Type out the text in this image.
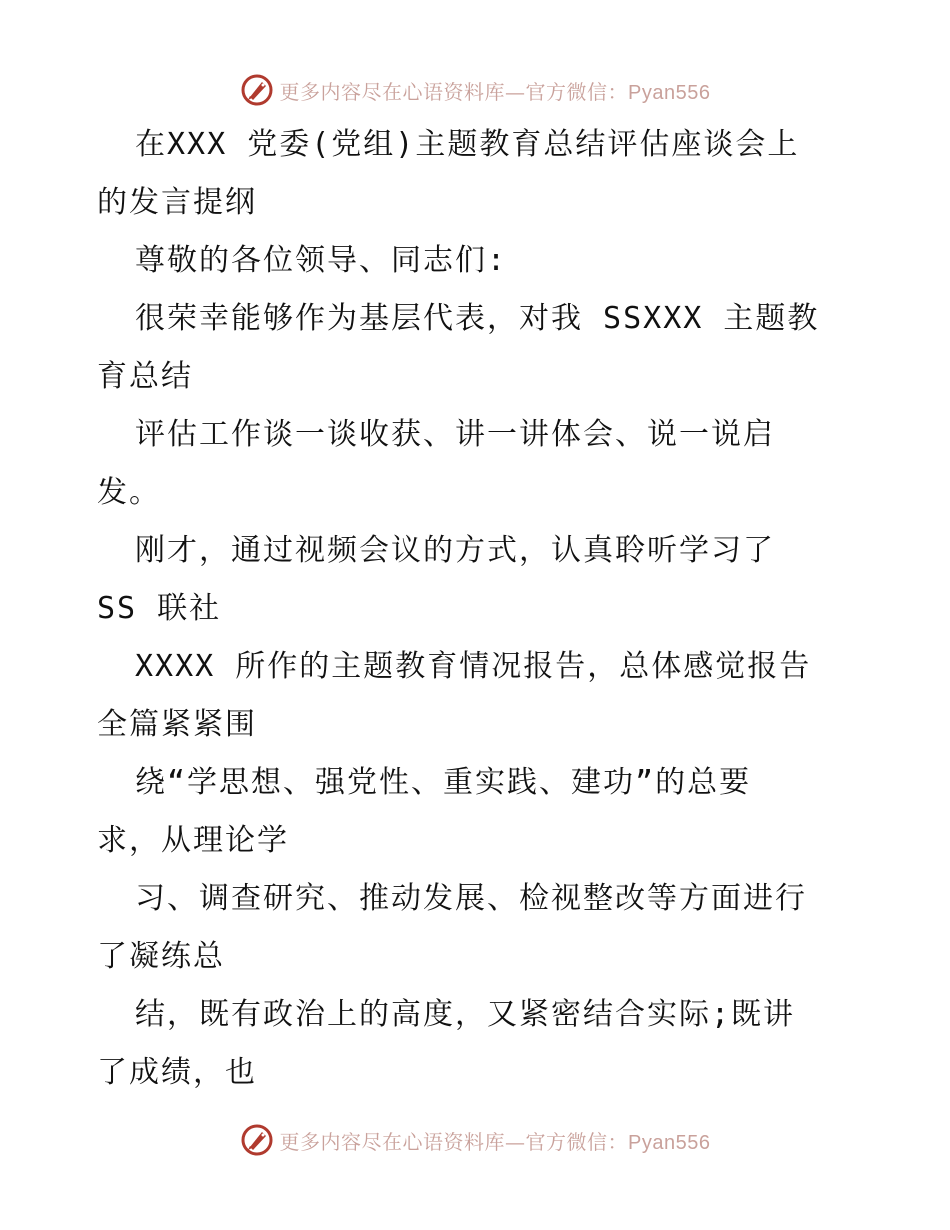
更多内容尽在心语资料库—官方微信：Pyan556
在XXX 党委(党组)主题教育总结评估座谈会上
的发言提纲
尊敬的各位领导、同志们:
很荣幸能够作为基层代表，对我 SSXXX 主题教
育总结
评估工作谈一谈收获、讲一讲体会、说一说启
发。
刚才，通过视频会议的方式，认真聆听学习了
SS 联社
XXXX 所作的主题教育情况报告，总体感觉报告
全篇紧紧围
绕“学思想、强党性、重实践、建功”的总要
求，从理论学
习、调查研究、推动发展、检视整改等方面进行
了凝练总
结，既有政治上的高度，又紧密结合实际;既讲
了成绩，也
更多内容尽在心语资料库—官方微信：Pyan556
